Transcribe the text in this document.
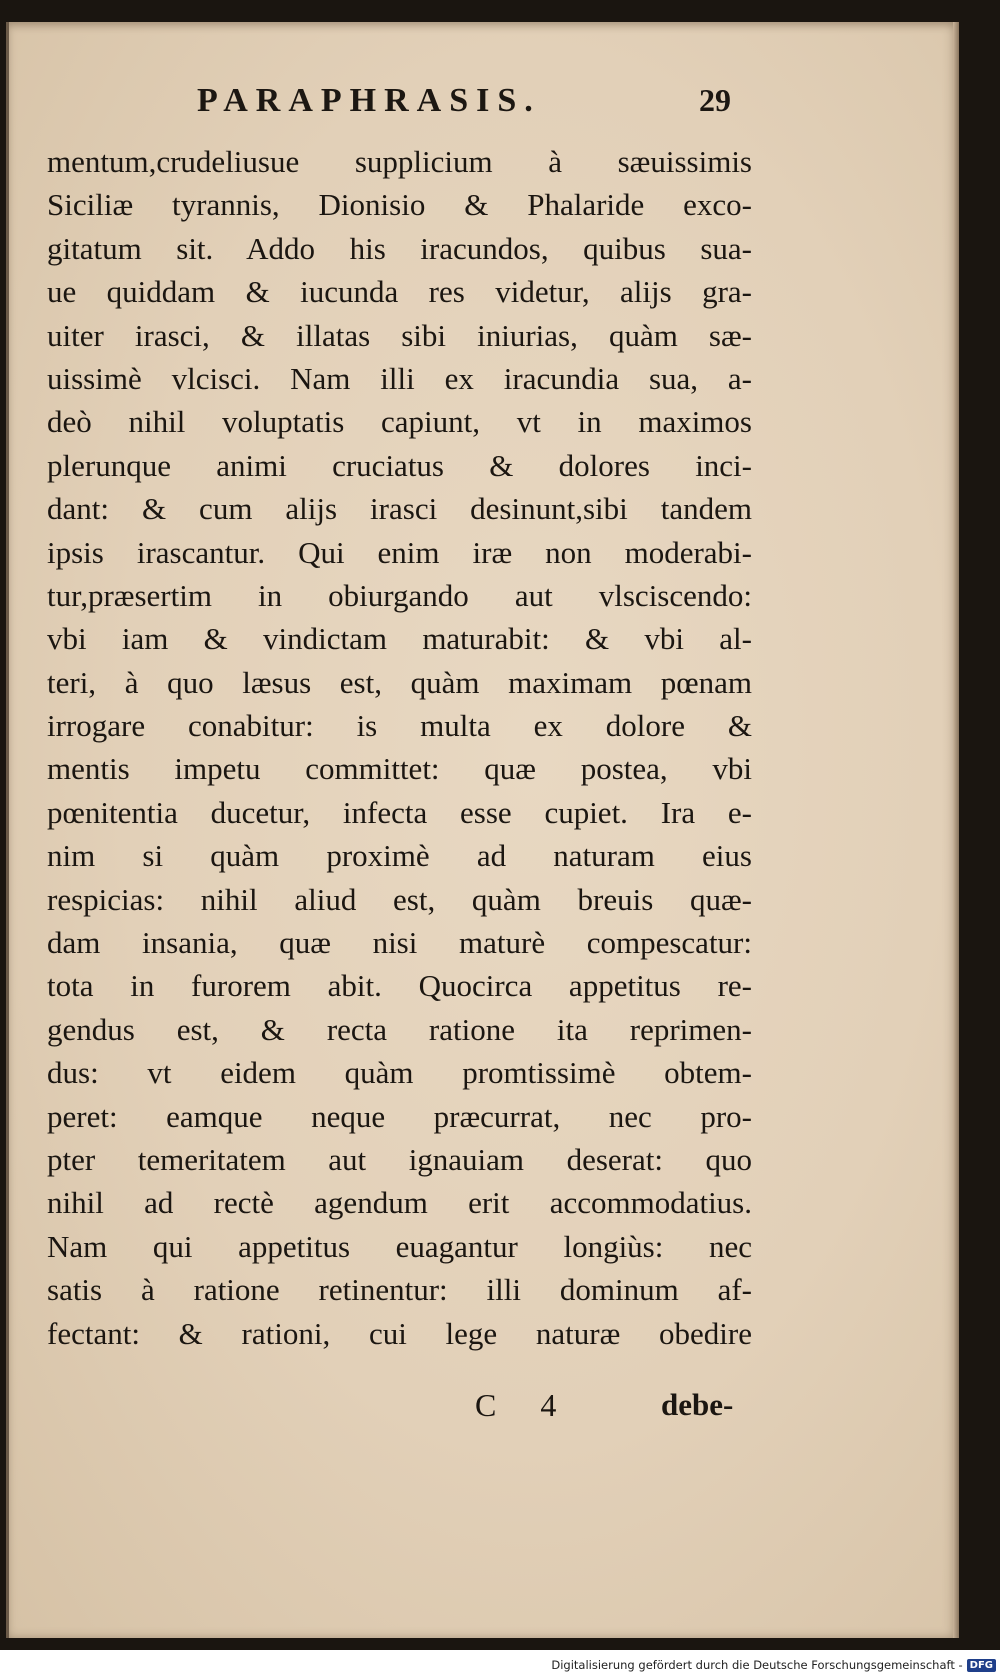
PARAPHRASIS.	29
mentum,crudeliusue supplicium à sæuissimis
Siciliæ tyrannis, Dionisio & Phalaride exco-
gitatum sit. Addo his iracundos, quibus sua-
ue quiddam & iucunda res videtur, alijs gra-
uiter irasci, & illatas sibi iniurias, quàm sæ-
uissimè vlcisci. Nam illi ex iracundia sua, a-
deò nihil voluptatis capiunt, vt in maximos
plerunque animi cruciatus & dolores inci-
dant: & cum alijs irasci desinunt,sibi tandem
ipsis irascantur. Qui enim iræ non moderabi-
tur,præsertim in obiurgando aut vlsciscendo:
vbi iam & vindictam maturabit: & vbi al-
teri, à quo læsus est, quàm maximam pœnam
irrogare conabitur: is multa ex dolore &
mentis impetu committet: quæ postea, vbi
pœnitentia ducetur, infecta esse cupiet. Ira e-
nim si quàm proximè ad naturam eius
respicias: nihil aliud est, quàm breuis quæ-
dam insania, quæ nisi maturè compescatur:
tota in furorem abit. Quocirca appetitus re-
gendus est, & recta ratione ita reprimen-
dus: vt eidem quàm promtissimè obtem-
peret: eamque neque præcurrat, nec pro-
pter temeritatem aut ignauiam deserat: quo
nihil ad rectè agendum erit accommodatius.
Nam qui appetitus euagantur longiùs: nec
satis à ratione retinentur: illi dominum af-
fectant: & rationi, cui lege naturæ obedire
C 4	debe-
Digitalisierung gefördert durch die Deutsche Forschungsgemeinschaft - DFG
